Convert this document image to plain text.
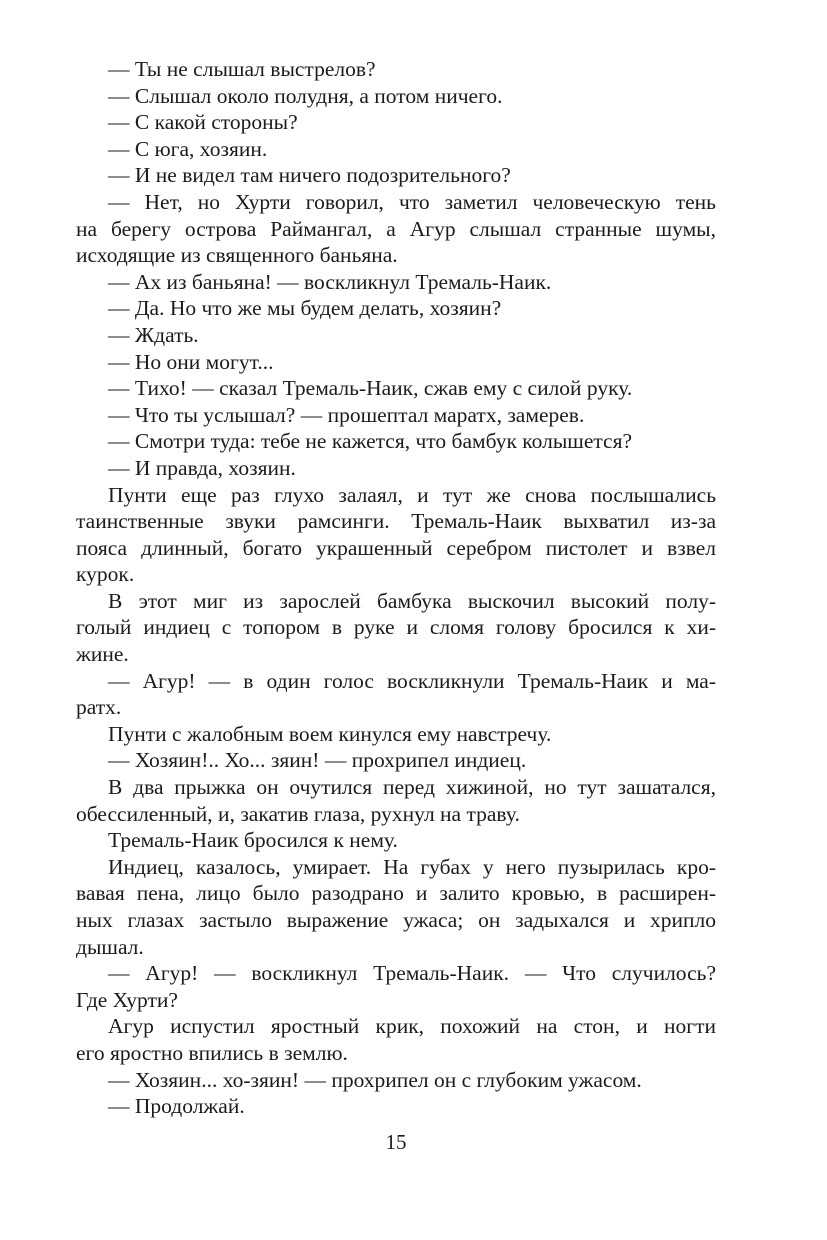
— Ты не слышал выстрелов?
— Слышал около полудня, а потом ничего.
— С какой стороны?
— С юга, хозяин.
— И не видел там ничего подозрительного?
— Нет, но Хурти говорил, что заметил человеческую тень
на берегу острова Раймангал, а Агур слышал странные шумы,
исходящие из священного баньяна.
— Ах из баньяна! — воскликнул Тремаль-Наик.
— Да. Но что же мы будем делать, хозяин?
— Ждать.
— Но они могут...
— Тихо! — сказал Тремаль-Наик, сжав ему с силой руку.
— Что ты услышал? — прошептал маратх, замерев.
— Смотри туда: тебе не кажется, что бамбук колышется?
— И правда, хозяин.
Пунти еще раз глухо залаял, и тут же снова послышались
таинственные звуки рамсинги. Тремаль-Наик выхватил из-за
пояса длинный, богато украшенный серебром пистолет и взвел
курок.
В этот миг из зарослей бамбука выскочил высокий полу-
голый индиец с топором в руке и сломя голову бросился к хи-
жине.
— Агур! — в один голос воскликнули Тремаль-Наик и ма-
ратх.
Пунти с жалобным воем кинулся ему навстречу.
— Хозяин!.. Хо... зяин! — прохрипел индиец.
В два прыжка он очутился перед хижиной, но тут зашатался,
обессиленный, и, закатив глаза, рухнул на траву.
Тремаль-Наик бросился к нему.
Индиец, казалось, умирает. На губах у него пузырилась кро-
вавая пена, лицо было разодрано и залито кровью, в расширен-
ных глазах застыло выражение ужаса; он задыхался и хрипло
дышал.
— Агур! — воскликнул Тремаль-Наик. — Что случилось?
Где Хурти?
Агур испустил яростный крик, похожий на стон, и ногти
его яростно впились в землю.
— Хозяин... хо-зяин! — прохрипел он с глубоким ужасом.
— Продолжай.
15
